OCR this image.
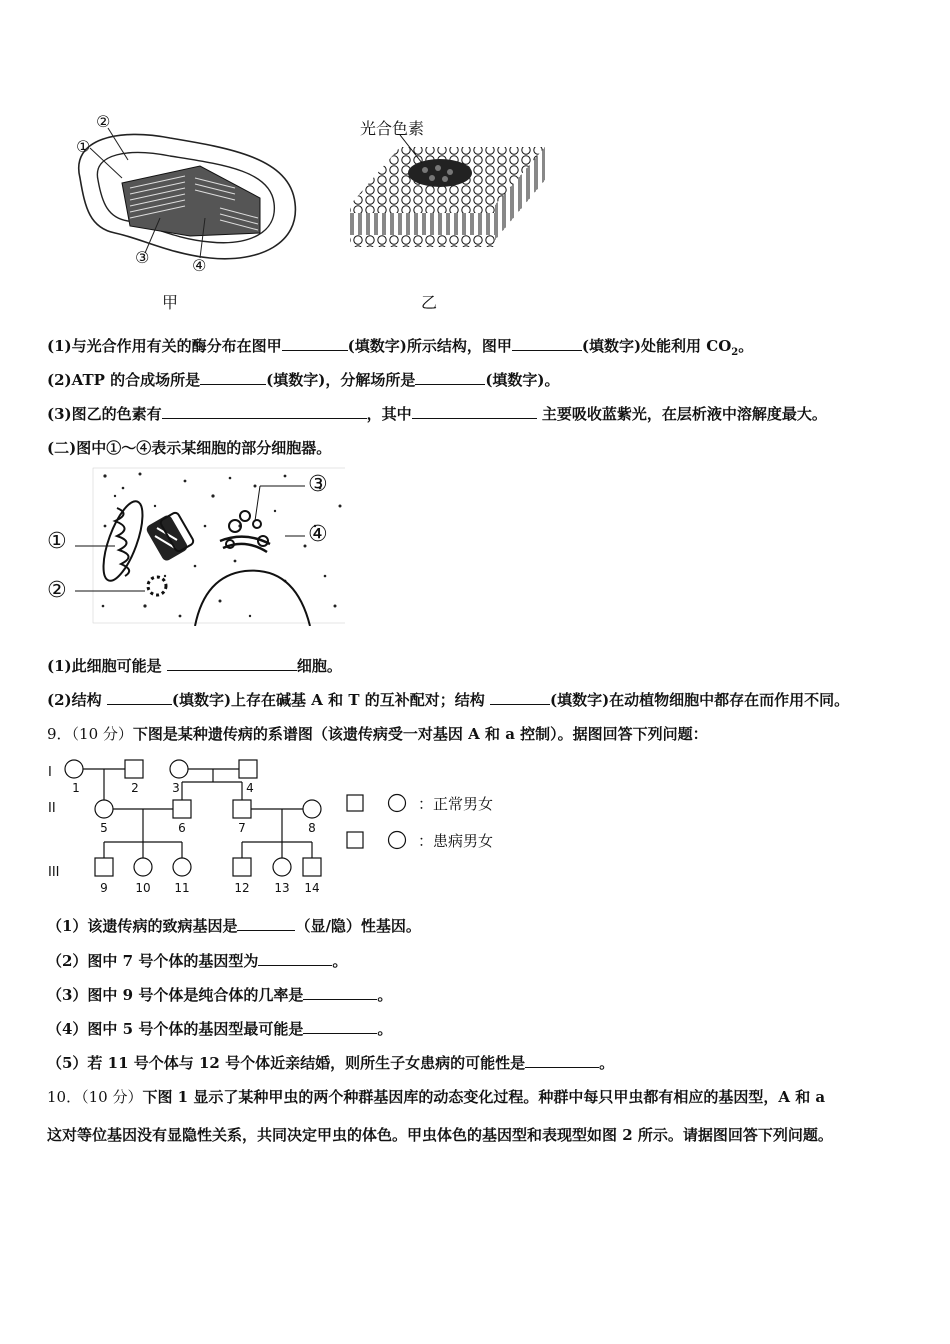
②
①
③	④
甲
光合色素
乙
(1)与光合作用有关的酶分布在图甲	(填数字)所示结构，图甲	(填数字)处能利用 $CO_2$。
(2)ATP 的合成场所是	(填数字)，分解场所是	(填数字)。
(3)图乙的色素有	，其中	主要吸收蓝紫光，在层析液中溶解度最大。
(二)图中①～④表示某细胞的部分细胞器。
①
②
③
④
(1)此细胞可能是	细胞。
(2)结构	(填数字)上存在碱基 A 和 T 的互补配对；结构	(填数字)在动植物细胞中都存在而作用不同。
9．（10 分）下图是某种遗传病的系谱图（该遗传病受一对基因 A 和 a 控制）。据图回答下列问题：
I
II
III
1	2	3	4
5	6	7	8
9 10 11	12 13 14
：正常男女
：患病男女
（1）该遗传病的致病基因是	（显/隐）性基因。
（2）图中 7 号个体的基因型为	。
（3）图中 9 号个体是纯合体的几率是	。
（4）图中 5 号个体的基因型最可能是	。
（5）若 11 号个体与 12 号个体近亲结婚，则所生子女患病的可能性是	。
10．（10 分）下图 1 显示了某种甲虫的两个种群基因库的动态变化过程。种群中每只甲虫都有相应的基因型，A 和 a
这对等位基因没有显隐性关系，共同决定甲虫的体色。甲虫体色的基因型和表现型如图 2 所示。请据图回答下列问题。
